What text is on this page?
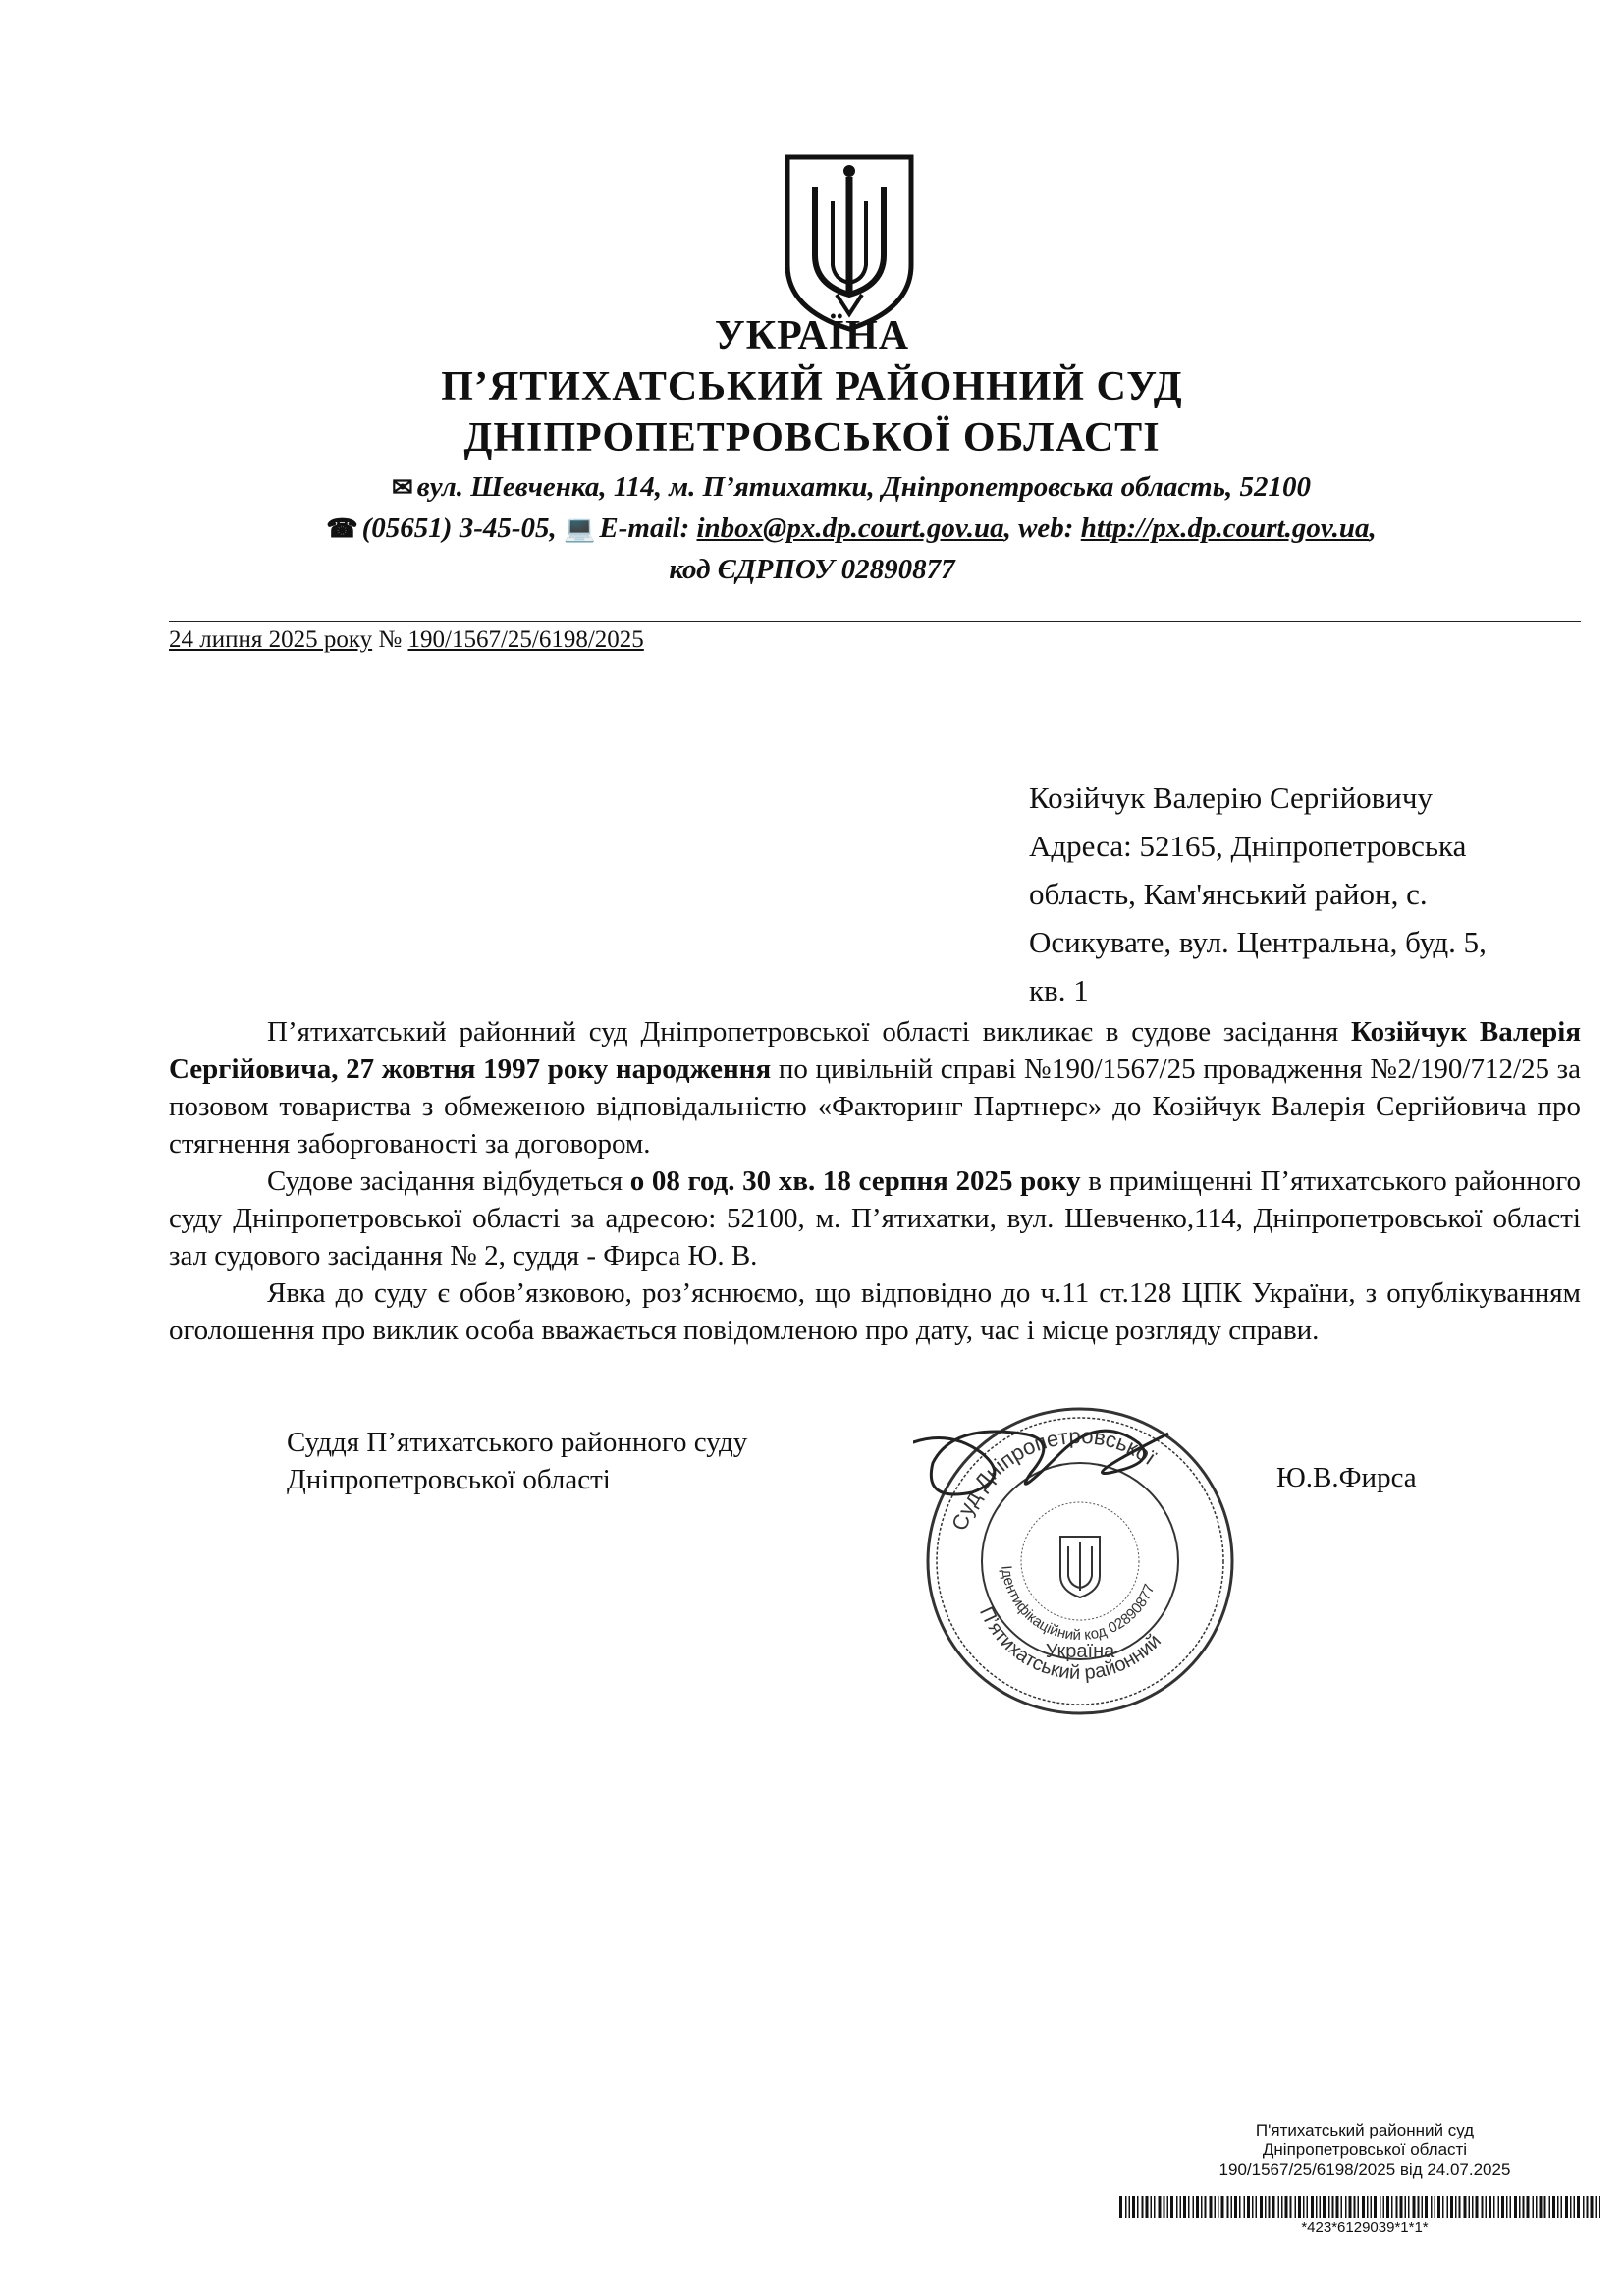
УКРАЇНА
П’ЯТИХАТСЬКИЙ РАЙОННИЙ СУД
ДНІПРОПЕТРОВСЬКОЇ ОБЛАСТІ
✉ вул. Шевченка, 114, м. П’ятихатки, Дніпропетровська область, 52100
☎ (05651) 3-45-05, 💻 E-mail: inbox@px.dp.court.gov.ua, web: http://px.dp.court.gov.ua,
код ЄДРПОУ 02890877
24 липня 2025 року № 190/1567/25/6198/2025
Козійчук Валерію Сергійовичу
Адреса: 52165, Дніпропетровська
область, Кам'янський район, с.
Осикувате, вул. Центральна, буд. 5,
кв. 1

П’ятихатський районний суд Дніпропетровської області викликає в судове засідання Козійчук Валерія Сергійовича, 27 жовтня 1997 року народження по цивільній справі №190/1567/25 провадження №2/190/712/25 за позовом товариства з обмеженою відповідальністю «Факторинг Партнерс» до Козійчук Валерія Сергійовича про стягнення заборгованості за договором.

Судове засідання відбудеться о 08 год. 30 хв. 18 серпня 2025 року в приміщенні П’ятихатського районного суду Дніпропетровської області за адресою: 52100, м. П’ятихатки, вул. Шевченко,114, Дніпропетровської області зал судового засідання № 2, суддя - Фирса Ю. В.

Явка до суду є обов’язковою, роз’яснюємо, що відповідно до ч.11 ст.128 ЦПК України, з опублікуванням оголошення про виклик особа вважається повідомленою про дату, час і місце розгляду справи.

Суддя П’ятихатського районного суду
Дніпропетровської області	Ю.В.Фирса
Суд Дніпропетровської
П’ятихатський районний
Ідентифікаційний код 02890877
Україна
П'ятихатський районний суд
Дніпропетровської області
190/1567/25/6198/2025 від 24.07.2025
*423*6129039*1*1*
